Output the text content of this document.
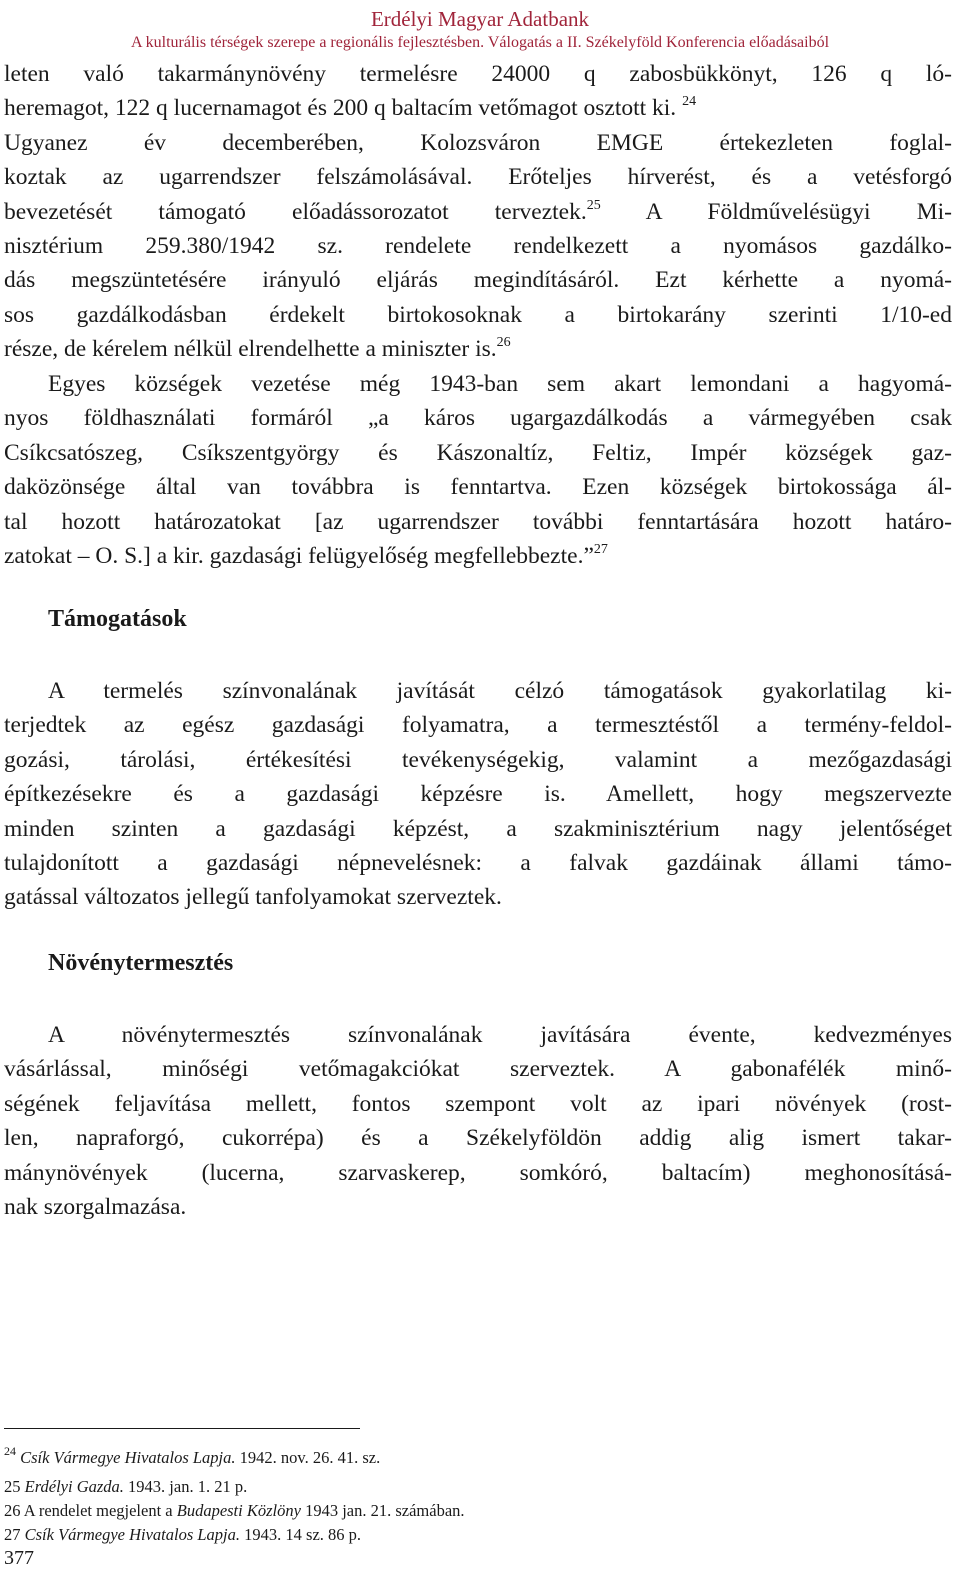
Erdélyi Magyar Adatbank
A kulturális térségek szerepe a regionális fejlesztésben. Válogatás a II. Székelyföld Konferencia előadásaiból
leten való takarmánynövény termelésre 24000 q zabosbükkönyt, 126 q ló-
heremagot, 122 q lucernamagot és 200 q baltacím vetőmagot osztott ki. $^{24}$
Ugyanez év decemberében, Kolozsváron EMGE értekezleten foglal-
koztak az ugarrendszer felszámolásával. Erőteljes hírverést, és a vetésforgó
bevezetését támogató előadássorozatot terveztek.$^{25}$ A Földművelésügyi Mi-
nisztérium 259.380/1942 sz. rendelete rendelkezett a nyomásos gazdálko-
dás megszüntetésére irányuló eljárás megindításáról. Ezt kérhette a nyomá-
sos gazdálkodásban érdekelt birtokosoknak a birtokarány szerinti 1/10-ed
része, de kérelem nélkül elrendelhette a miniszter is.$^{26}$
Egyes községek vezetése még 1943-ban sem akart lemondani a hagyomá-
nyos földhasználati formáról „a káros ugargazdálkodás a vármegyében csak
Csíkcsatószeg, Csíkszentgyörgy és Kászonaltíz, Feltiz, Impér községek gaz-
daközönsége által van továbbra is fenntartva. Ezen községek birtokossága ál-
tal hozott határozatokat [az ugarrendszer további fenntartására hozott határo-
zatokat – O. S.] a kir. gazdasági felügyelőség megfellebbezte.”$^{27}$
Támogatások
A termelés színvonalának javítását célzó támogatások gyakorlatilag ki-
terjedtek az egész gazdasági folyamatra, a termesztéstől a termény-feldol-
gozási, tárolási, értékesítési tevékenységekig, valamint a mezőgazdasági
építkezésekre és a gazdasági képzésre is. Amellett, hogy megszervezte
minden szinten a gazdasági képzést, a szakminisztérium nagy jelentőséget
tulajdonított a gazdasági népnevelésnek: a falvak gazdáinak állami támo-
gatással változatos jellegű tanfolyamokat szerveztek.
Növénytermesztés
A növénytermesztés színvonalának javítására évente, kedvezményes
vásárlással, minőségi vetőmagakciókat szerveztek. A gabonafélék minő-
ségének feljavítása mellett, fontos szempont volt az ipari növények (rost-
len, napraforgó, cukorrépa) és a Székelyföldön addig alig ismert takar-
mánynövények (lucerna, szarvaskerep, somkóró, baltacím) meghonosításá-
nak szorgalmazása.
$^{24}$ Csík Vármegye Hivatalos Lapja. 1942. nov. 26. 41. sz.
25 Erdélyi Gazda. 1943. jan. 1. 21 p.
26 A rendelet megjelent a Budapesti Közlöny 1943 jan. 21. számában.
27 Csík Vármegye Hivatalos Lapja. 1943. 14 sz. 86 p.
377
